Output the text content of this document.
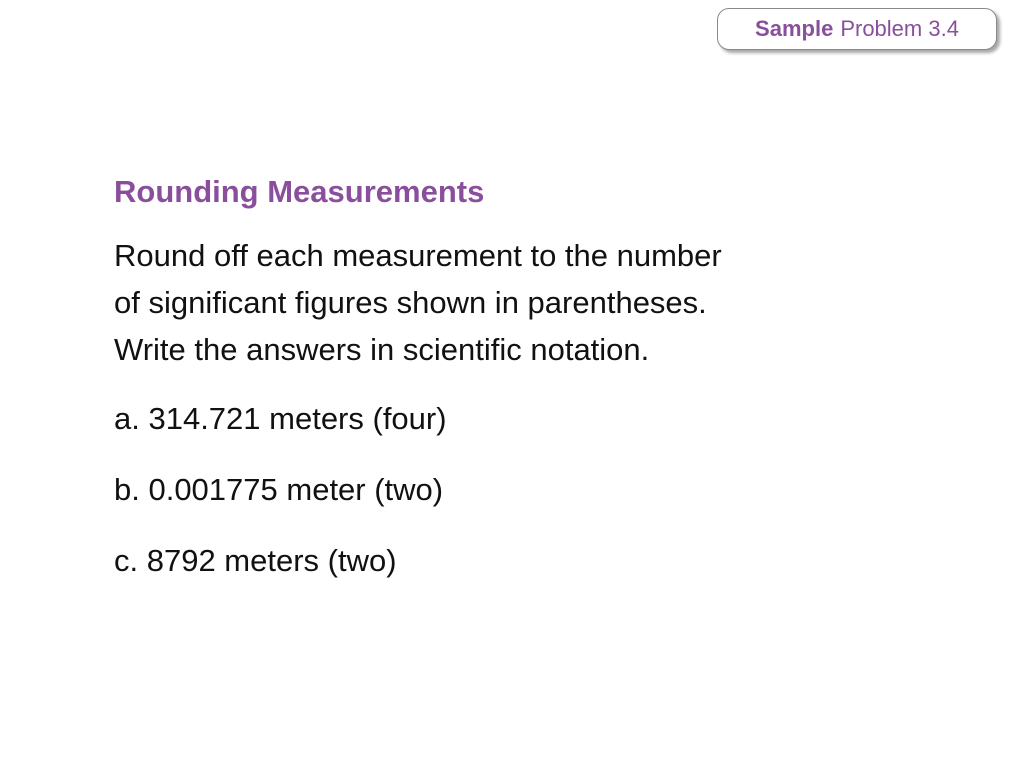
Sample Problem 3.4
Rounding Measurements
Round off each measurement to the number
of significant figures shown in parentheses.
Write the answers in scientific notation.
a. 314.721 meters (four)
b. 0.001775 meter (two)
c. 8792 meters (two)
